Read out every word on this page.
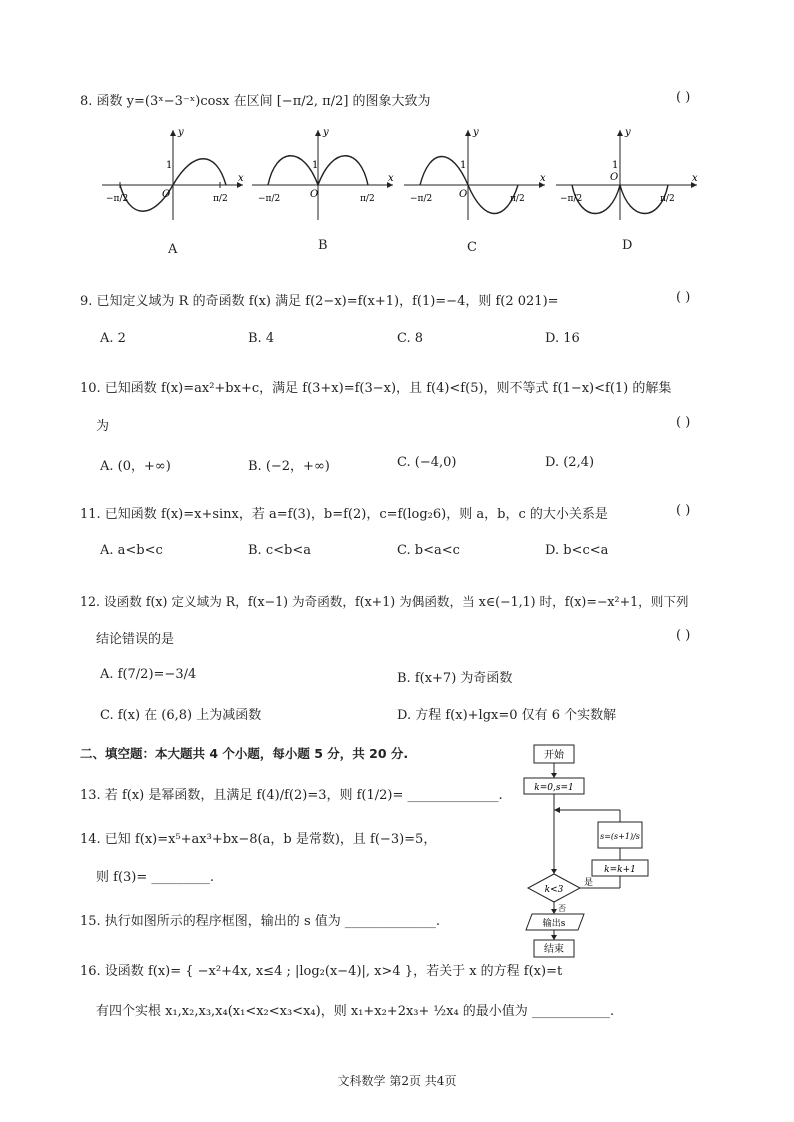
8. 函数 y=(3ˣ−3⁻ˣ)cosx 在区间 [−π/2, π/2] 的图象大致为	( )
y
x
O
1
−π/2	π/2
A
y
x
O
1
−π/2	π/2
B
y
x
O
1
−π/2	π/2
C
y
x
O
1
−π/2	π/2
D
9. 已知定义域为 R 的奇函数 f(x) 满足 f(2−x)=f(x+1)，f(1)=−4，则 f(2 021)=	( )
A. 2	B. 4	C. 8	D. 16
10. 已知函数 f(x)=ax²+bx+c，满足 f(3+x)=f(3−x)，且 f(4)<f(5)，则不等式 f(1−x)<f(1) 的解集
为	( )
A. (0，+∞)	B. (−2，+∞)	C. (−4,0)	D. (2,4)
11. 已知函数 f(x)=x+sinx，若 a=f(3)，b=f(2)，c=f(log₂6)，则 a，b，c 的大小关系是	( )
A. a<b<c	B. c<b<a	C. b<a<c	D. b<c<a
12. 设函数 f(x) 定义域为 R，f(x−1) 为奇函数，f(x+1) 为偶函数，当 x∈(−1,1) 时，f(x)=−x²+1，则下列
结论错误的是	( )
A. f(7/2)=−3/4	B. f(x+7) 为奇函数
C. f(x) 在 (6,8) 上为减函数	D. 方程 f(x)+lgx=0 仅有 6 个实数解
二、填空题：本大题共 4 个小题，每小题 5 分，共 20 分.
13. 若 f(x) 是幂函数，且满足 f(4)/f(2)=3，则 f(1/2)= ______________.
14. 已知 f(x)=x⁵+ax³+bx−8(a，b 是常数)，且 f(−3)=5，
则 f(3)= _________.
15. 执行如图所示的程序框图，输出的 s 值为 ______________.
16. 设函数 f(x)= { −x²+4x, x≤4 ; |log₂(x−4)|, x>4 }，若关于 x 的方程 f(x)=t
有四个实根 x₁,x₂,x₃,x₄(x₁<x₂<x₃<x₄)，则 x₁+x₂+2x₃+ ½x₄ 的最小值为 ____________.
开始
k=0,s=1
k<3
是
k=k+1
s=(s+1)/s
否
输出s
结束
文科数学 第2页 共4页
